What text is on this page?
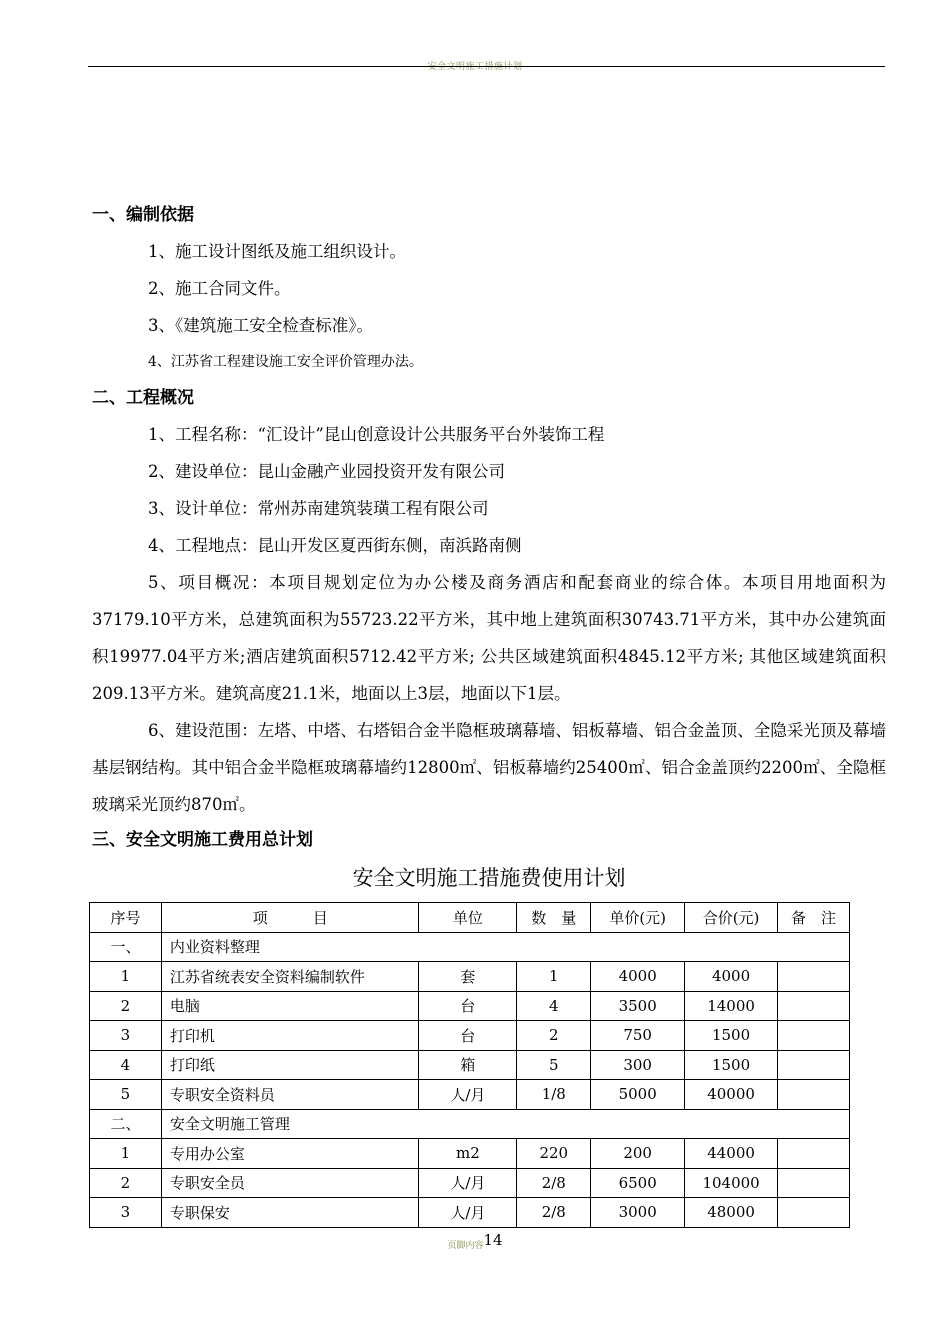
安全文明施工措施计划
一、编制依据
1、施工设计图纸及施工组织设计。
2、施工合同文件。
3、《建筑施工安全检查标准》。
4、江苏省工程建设施工安全评价管理办法。
二、工程概况
1、工程名称：“汇设计”昆山创意设计公共服务平台外装饰工程
2、建设单位：昆山金融产业园投资开发有限公司
3、设计单位：常州苏南建筑装璜工程有限公司
4、工程地点：昆山开发区夏西街东侧，南浜路南侧
5、项目概况：本项目规划定位为办公楼及商务酒店和配套商业的综合体。本项目用地面积为37179.10平方米，总建筑面积为55723.22平方米，其中地上建筑面积30743.71平方米，其中办公建筑面积19977.04平方米;酒店建筑面积5712.42平方米; 公共区域建筑面积4845.12平方米; 其他区域建筑面积209.13平方米。建筑高度21.1米，地面以上3层，地面以下1层。
6、建设范围：左塔、中塔、右塔铝合金半隐框玻璃幕墙、铝板幕墙、铝合金盖顶、全隐采光顶及幕墙基层钢结构。其中铝合金半隐框玻璃幕墙约12800㎡、铝板幕墙约25400㎡、铝合金盖顶约2200㎡、全隐框玻璃采光顶约870㎡。
三、安全文明施工费用总计划
安全文明施工措施费使用计划
序号	项　　　目	单位	数　量	单价(元)	合价(元)	备　注
一、	内业资料整理					
1	江苏省统表安全资料编制软件	套	1	4000	4000	
2	电脑	台	4	3500	14000	
3	打印机	台	2	750	1500	
4	打印纸	箱	5	300	1500	
5	专职安全资料员	人/月	1/8	5000	40000	
二、	安全文明施工管理					
1	专用办公室	m2	220	200	44000	
2	专职安全员	人/月	2/8	6500	104000	
3	专职保安	人/月	2/8	3000	48000	
页脚内容14
